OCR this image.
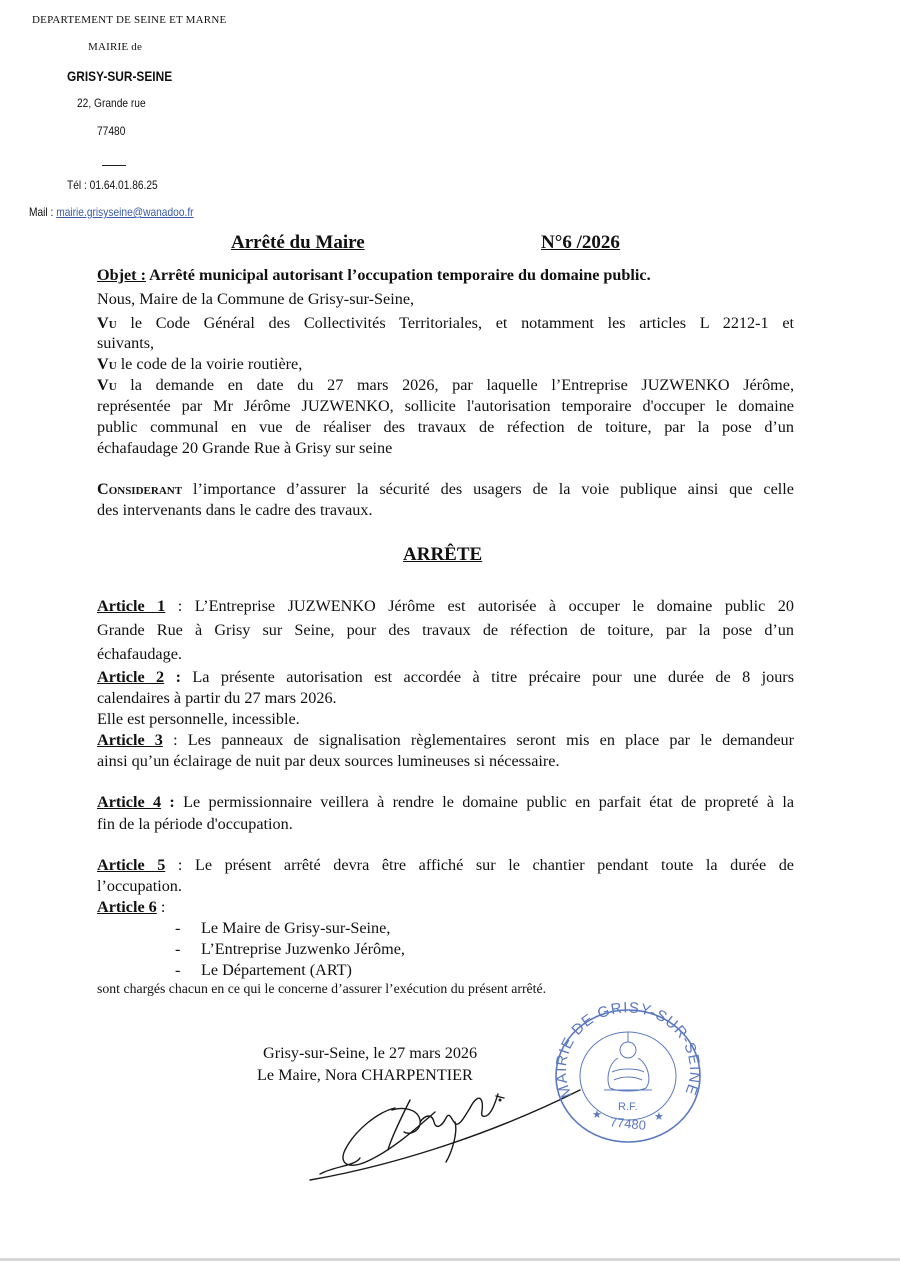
DEPARTEMENT DE SEINE ET MARNE
MAIRIE de
GRISY-SUR-SEINE
22, Grande rue
77480
Tél : 01.64.01.86.25
Mail : mairie.grisyseine@wanadoo.fr
Arrêté du Maire	N°6 /2026
Objet : Arrêté municipal autorisant l’occupation temporaire du domaine public.
Nous, Maire de la Commune de Grisy-sur-Seine,
Vu le Code Général des Collectivités Territoriales, et notamment les articles L 2212-1 et
suivants,
Vu le code de la voirie routière,
Vu la demande en date du 27 mars 2026, par laquelle l’Entreprise JUZWENKO Jérôme,
représentée par Mr Jérôme JUZWENKO, sollicite l'autorisation temporaire d'occuper le domaine
public communal en vue de réaliser des travaux de réfection de toiture, par la pose d’un
échafaudage 20 Grande Rue à Grisy sur seine
Considerant l’importance d’assurer la sécurité des usagers de la voie publique ainsi que celle
des intervenants dans le cadre des travaux.
ARRÊTE
Article 1 : L’Entreprise JUZWENKO Jérôme est autorisée à occuper le domaine public 20
Grande Rue à Grisy sur Seine, pour des travaux de réfection de toiture, par la pose d’un
échafaudage.
Article 2 : La présente autorisation est accordée à titre précaire pour une durée de 8 jours
calendaires à partir du 27 mars 2026.
Elle est personnelle, incessible.
Article 3 : Les panneaux de signalisation règlementaires seront mis en place par le demandeur
ainsi qu’un éclairage de nuit par deux sources lumineuses si nécessaire.
Article 4 : Le permissionnaire veillera à rendre le domaine public en parfait état de propreté à la
fin de la période d'occupation.
Article 5 : Le présent arrêté devra être affiché sur le chantier pendant toute la durée de
l’occupation.
Article 6 :
- Le Maire de Grisy-sur-Seine,
- L’Entreprise Juzwenko Jérôme,
- Le Département (ART)
sont chargés chacun en ce qui le concerne d’assurer l’exécution du présent arrêté.
Grisy-sur-Seine, le 27 mars 2026
Le Maire, Nora CHARPENTIER
MAIRIE DE GRISY-SUR-SEINE
R.F.
77480
★	★
